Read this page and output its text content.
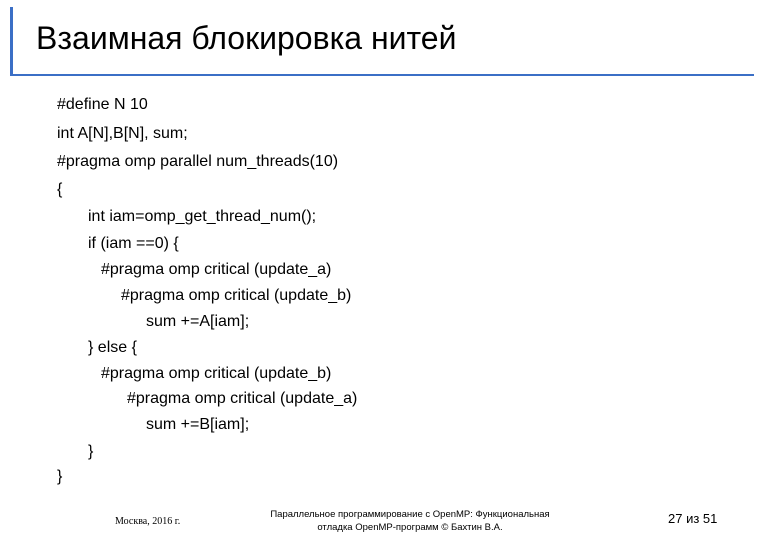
Взаимная блокировка нитей
#define N 10
int A[N],B[N], sum;
#pragma omp parallel num_threads(10)
{
int iam=omp_get_thread_num();
if (iam ==0) {
#pragma omp critical (update_a)
#pragma omp critical (update_b)
sum +=A[iam];
} else {
#pragma omp critical (update_b)
#pragma omp critical (update_a)
sum +=B[iam];
}
}
Москва, 2016 г.
Параллельное программирование с OpenMP: Функциональная
отладка OpenMP-программ © Бахтин В.А.
27 из 51
